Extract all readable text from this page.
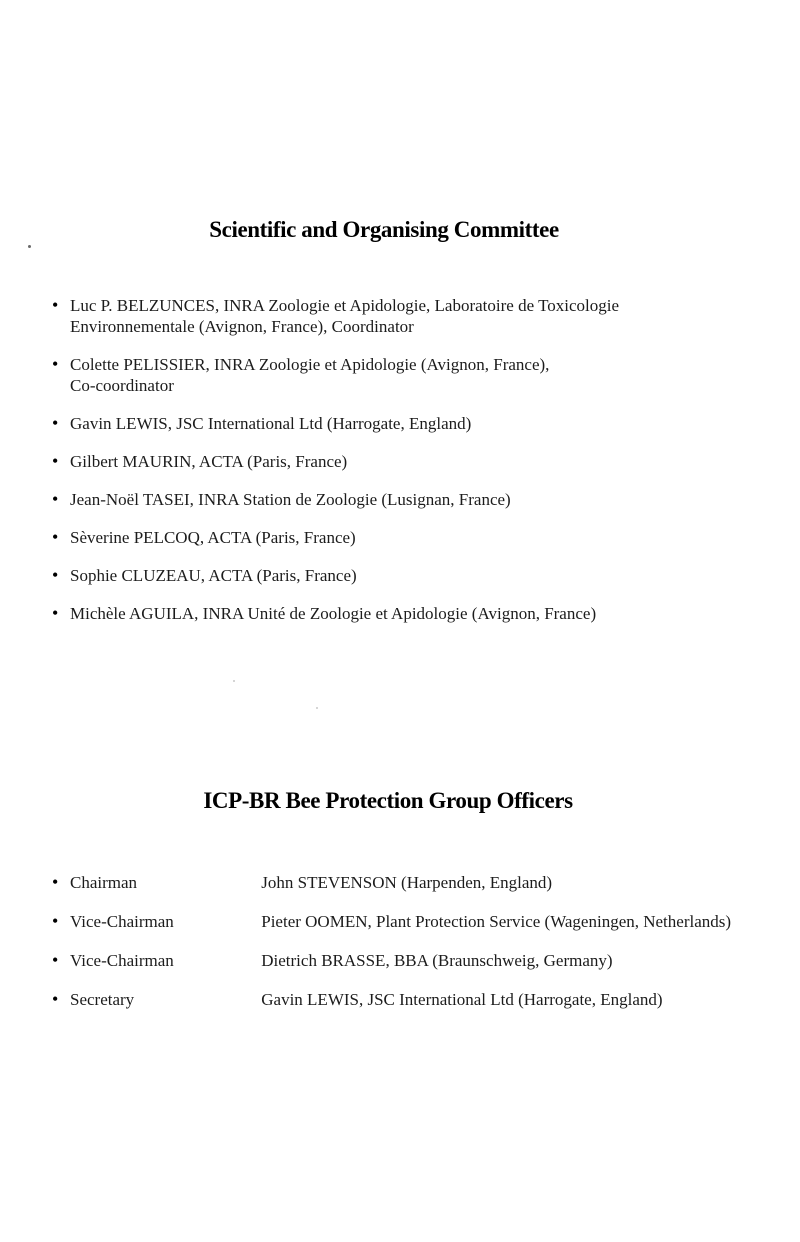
Scientific and Organising Committee
• Luc P. BELZUNCES, INRA Zoologie et Apidologie, Laboratoire de Toxicologie
Environnementale (Avignon, France), Coordinator
• Colette PELISSIER, INRA Zoologie et Apidologie (Avignon, France),
Co-coordinator
• Gavin LEWIS, JSC International Ltd (Harrogate, England)
• Gilbert MAURIN, ACTA (Paris, France)
• Jean-Noël TASEI, INRA Station de Zoologie (Lusignan, France)
• Sèverine PELCOQ, ACTA (Paris, France)
• Sophie CLUZEAU, ACTA (Paris, France)
• Michèle AGUILA, INRA Unité de Zoologie et Apidologie (Avignon, France)
ICP-BR Bee Protection Group Officers
• Chairman	John STEVENSON (Harpenden, England)
• Vice-Chairman	Pieter OOMEN, Plant Protection Service (Wageningen, Netherlands)
• Vice-Chairman	Dietrich BRASSE, BBA (Braunschweig, Germany)
• Secretary	Gavin LEWIS, JSC International Ltd (Harrogate, England)
